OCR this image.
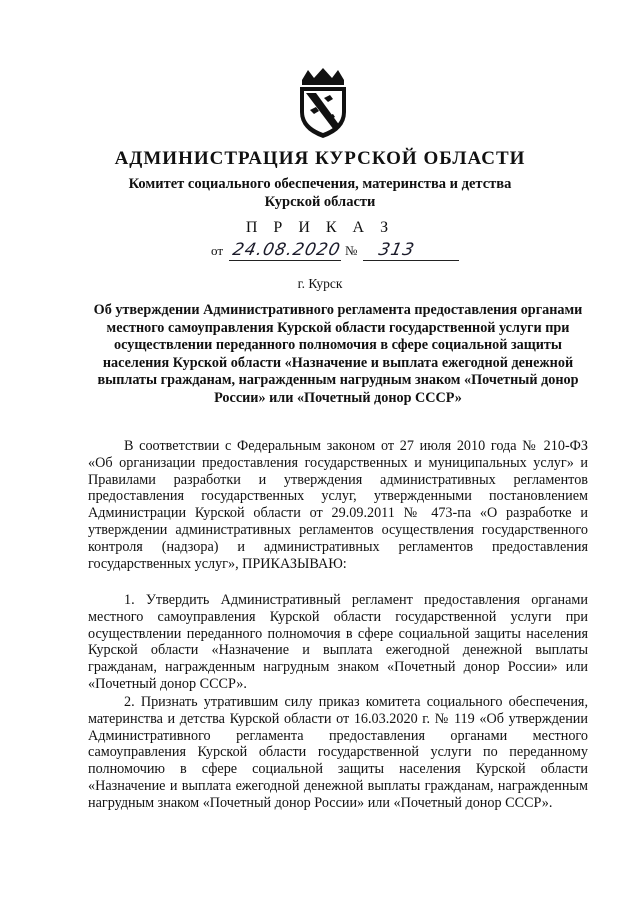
АДМИНИСТРАЦИЯ КУРСКОЙ ОБЛАСТИ
Комитет социального обеспечения, материнства и детства
Курской области
П Р И К А З
от 24.08.2020 № 313
г. Курск
Об утверждении Административного регламента предоставления органами местного самоуправления Курской области государственной услуги при осуществлении переданного полномочия в сфере социальной защиты населения Курской области «Назначение и выплата ежегодной денежной выплаты гражданам, награжденным нагрудным знаком «Почетный донор России» или «Почетный донор СССР»

В соответствии с Федеральным законом от 27 июля 2010 года № 210-ФЗ «Об организации предоставления государственных и муниципальных услуг» и Правилами разработки и утверждения административных регламентов предоставления государственных услуг, утвержденными постановлением Администрации Курской области от 29.09.2011 № 473-па «О разработке и утверждении административных регламентов осуществления государственного контроля (надзора) и административных регламентов предоставления государственных услуг», ПРИКАЗЫВАЮ:

1. Утвердить Административный регламент предоставления органами местного самоуправления Курской области государственной услуги при осуществлении переданного полномочия в сфере социальной защиты населения Курской области «Назначение и выплата ежегодной денежной выплаты гражданам, награжденным нагрудным знаком «Почетный донор России» или «Почетный донор СССР».

2. Признать утратившим силу приказ комитета социального обеспечения, материнства и детства Курской области от 16.03.2020 г. № 119 «Об утверждении Административного регламента предоставления органами местного самоуправления Курской области государственной услуги по переданному полномочию в сфере социальной защиты населения Курской области «Назначение и выплата ежегодной денежной выплаты гражданам, награжденным нагрудным знаком «Почетный донор России» или «Почетный донор СССР».
